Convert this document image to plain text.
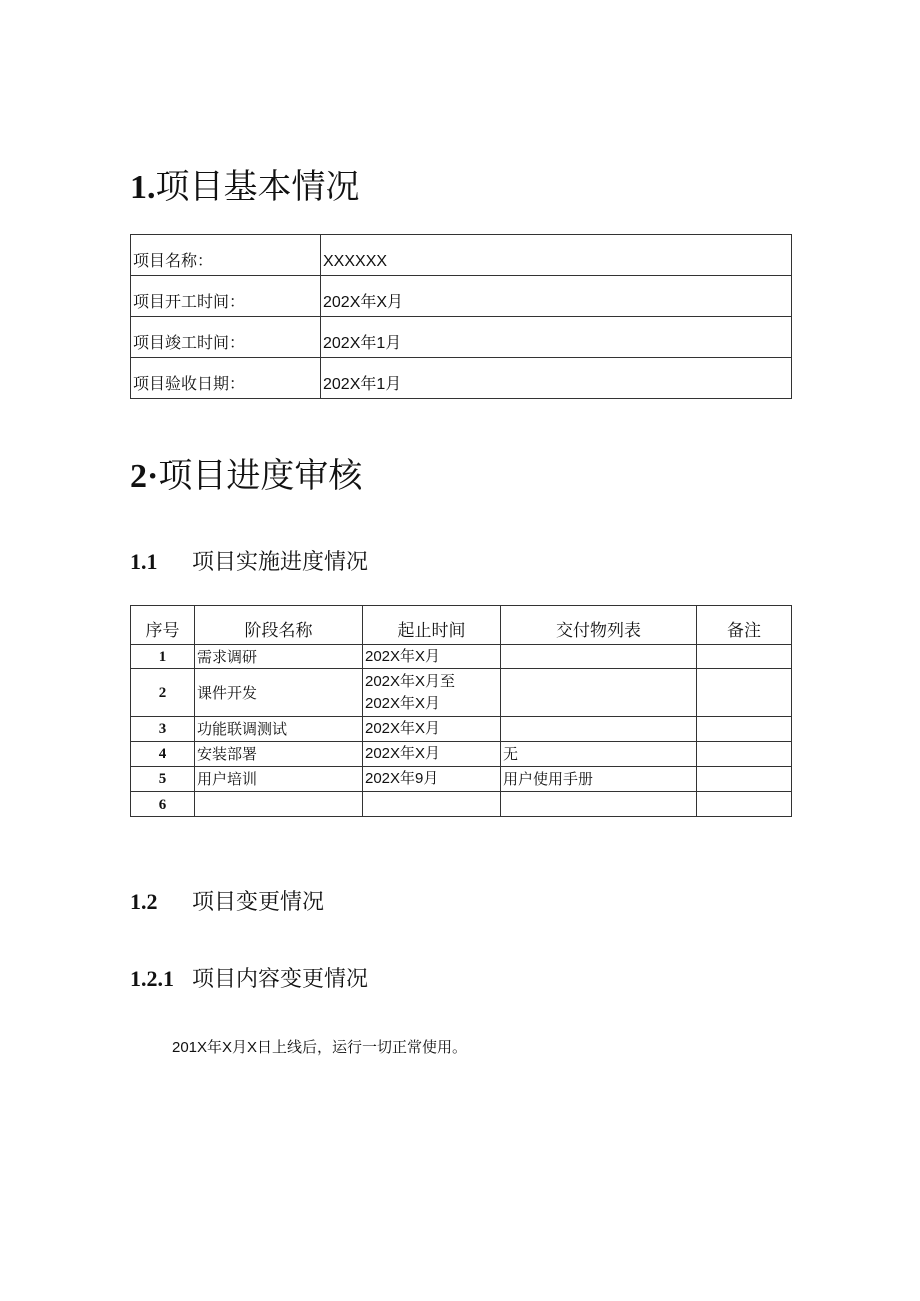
1.项目基本情况
项目名称：	XXXXXX
项目开工时间：	202X年X月
项目竣工时间：	202X年1月
项目验收日期：	202X年1月
2·项目进度审核
1.1 项目实施进度情况
序号	阶段名称	起止时间	交付物列表	备注
1	需求调研	202X年X月		
2	课件开发	202X年X月至
202X年X月		

3	功能联调测试	202X年X月		
4	安装部署	202X年X月	无	
5	用户培训	202X年9月	用户使用手册	
6				
1.2 项目变更情况
1.2.1 项目内容变更情况
201X年X月X日上线后，运行一切正常使用。
